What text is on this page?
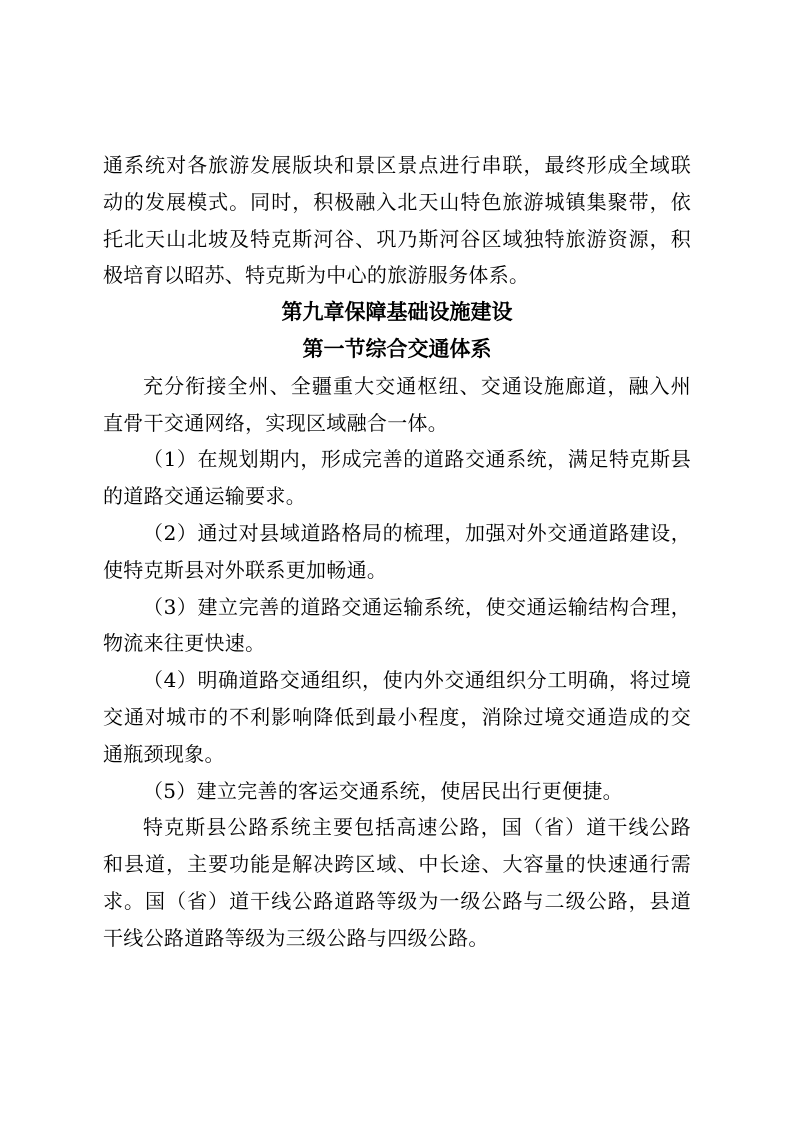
通系统对各旅游发展版块和景区景点进行串联，最终形成全域联动的发展模式。同时，积极融入北天山特色旅游城镇集聚带，依托北天山北坡及特克斯河谷、巩乃斯河谷区域独特旅游资源，积极培育以昭苏、特克斯为中心的旅游服务体系。

第九章保障基础设施建设
第一节综合交通体系

充分衔接全州、全疆重大交通枢纽、交通设施廊道，融入州直骨干交通网络，实现区域融合一体。

（1）在规划期内，形成完善的道路交通系统，满足特克斯县的道路交通运输要求。

（2）通过对县域道路格局的梳理，加强对外交通道路建设，使特克斯县对外联系更加畅通。

（3）建立完善的道路交通运输系统，使交通运输结构合理，物流来往更快速。

（4）明确道路交通组织，使内外交通组织分工明确，将过境交通对城市的不利影响降低到最小程度，消除过境交通造成的交通瓶颈现象。

（5）建立完善的客运交通系统，使居民出行更便捷。

特克斯县公路系统主要包括高速公路，国（省）道干线公路和县道，主要功能是解决跨区域、中长途、大容量的快速通行需求。国（省）道干线公路道路等级为一级公路与二级公路，县道干线公路道路等级为三级公路与四级公路。
